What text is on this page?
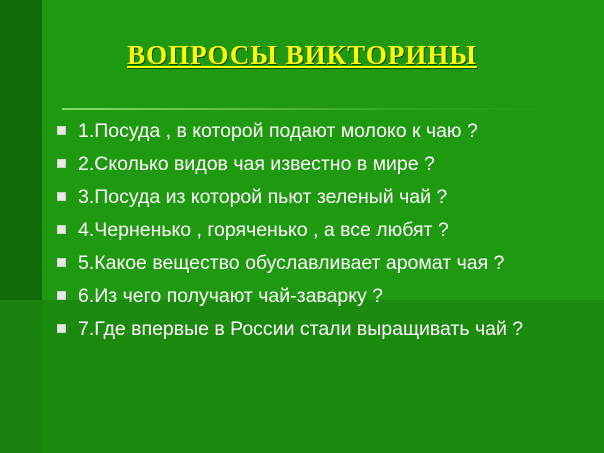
ВОПРОСЫ ВИКТОРИНЫ
1.Посуда , в которой подают молоко к чаю ?
2.Сколько видов чая известно в мире ?
3.Посуда из которой пьют зеленый чай ?
4.Черненько , горяченько , а все любят ?
5.Какое вещество обуславливает аромат чая ?
6.Из чего получают чай-заварку ?
7.Где впервые в России стали выращивать чай ?
